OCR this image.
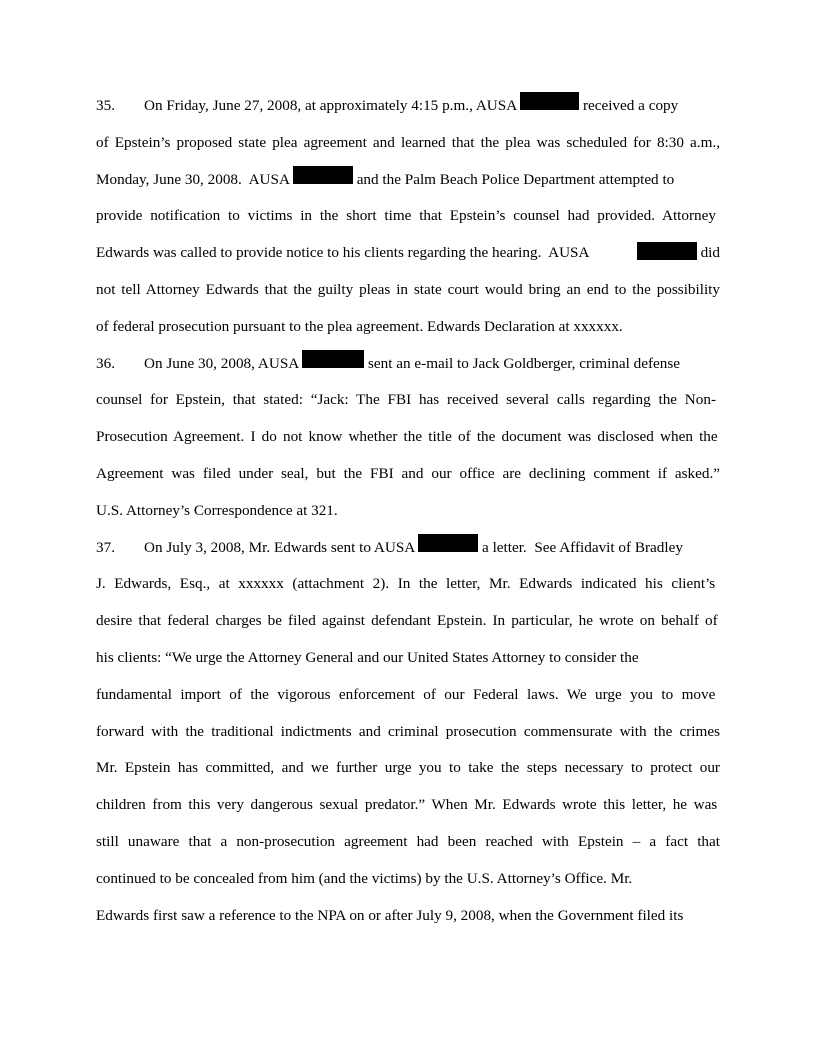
35.	On Friday, June 27, 2008, at approximately 4:15 p.m., AUSA	received a copy
of Epstein’s proposed state plea agreement and learned that the plea was scheduled for 8:30 a.m.,
Monday, June 30, 2008.  AUSA	and the Palm Beach Police Department attempted to
provide notification to victims in the short time that Epstein’s counsel had provided. Attorney
Edwards was called to provide notice to his clients regarding the hearing.  AUSA	did
not tell Attorney Edwards that the guilty pleas in state court would bring an end to the possibility
of federal prosecution pursuant to the plea agreement. Edwards Declaration at xxxxxx.
36.	On June 30, 2008, AUSA	sent an e-mail to Jack Goldberger, criminal defense
counsel for Epstein, that stated: “Jack: The FBI has received several calls regarding the Non-
Prosecution Agreement. I do not know whether the title of the document was disclosed when the
Agreement was filed under seal, but the FBI and our office are declining comment if asked.”
U.S. Attorney’s Correspondence at 321.
37.	On July 3, 2008, Mr. Edwards sent to AUSA	a letter.  See Affidavit of Bradley
J. Edwards, Esq., at xxxxxx (attachment 2). In the letter, Mr. Edwards indicated his client’s
desire that federal charges be filed against defendant Epstein. In particular, he wrote on behalf of
his clients: “We urge the Attorney General and our United States Attorney to consider the
fundamental import of the vigorous enforcement of our Federal laws. We urge you to move
forward with the traditional indictments and criminal prosecution commensurate with the crimes
Mr. Epstein has committed, and we further urge you to take the steps necessary to protect our
children from this very dangerous sexual predator.” When Mr. Edwards wrote this letter, he was
still unaware that a non-prosecution agreement had been reached with Epstein – a fact that
continued to be concealed from him (and the victims) by the U.S. Attorney’s Office. Mr.
Edwards first saw a reference to the NPA on or after July 9, 2008, when the Government filed its
